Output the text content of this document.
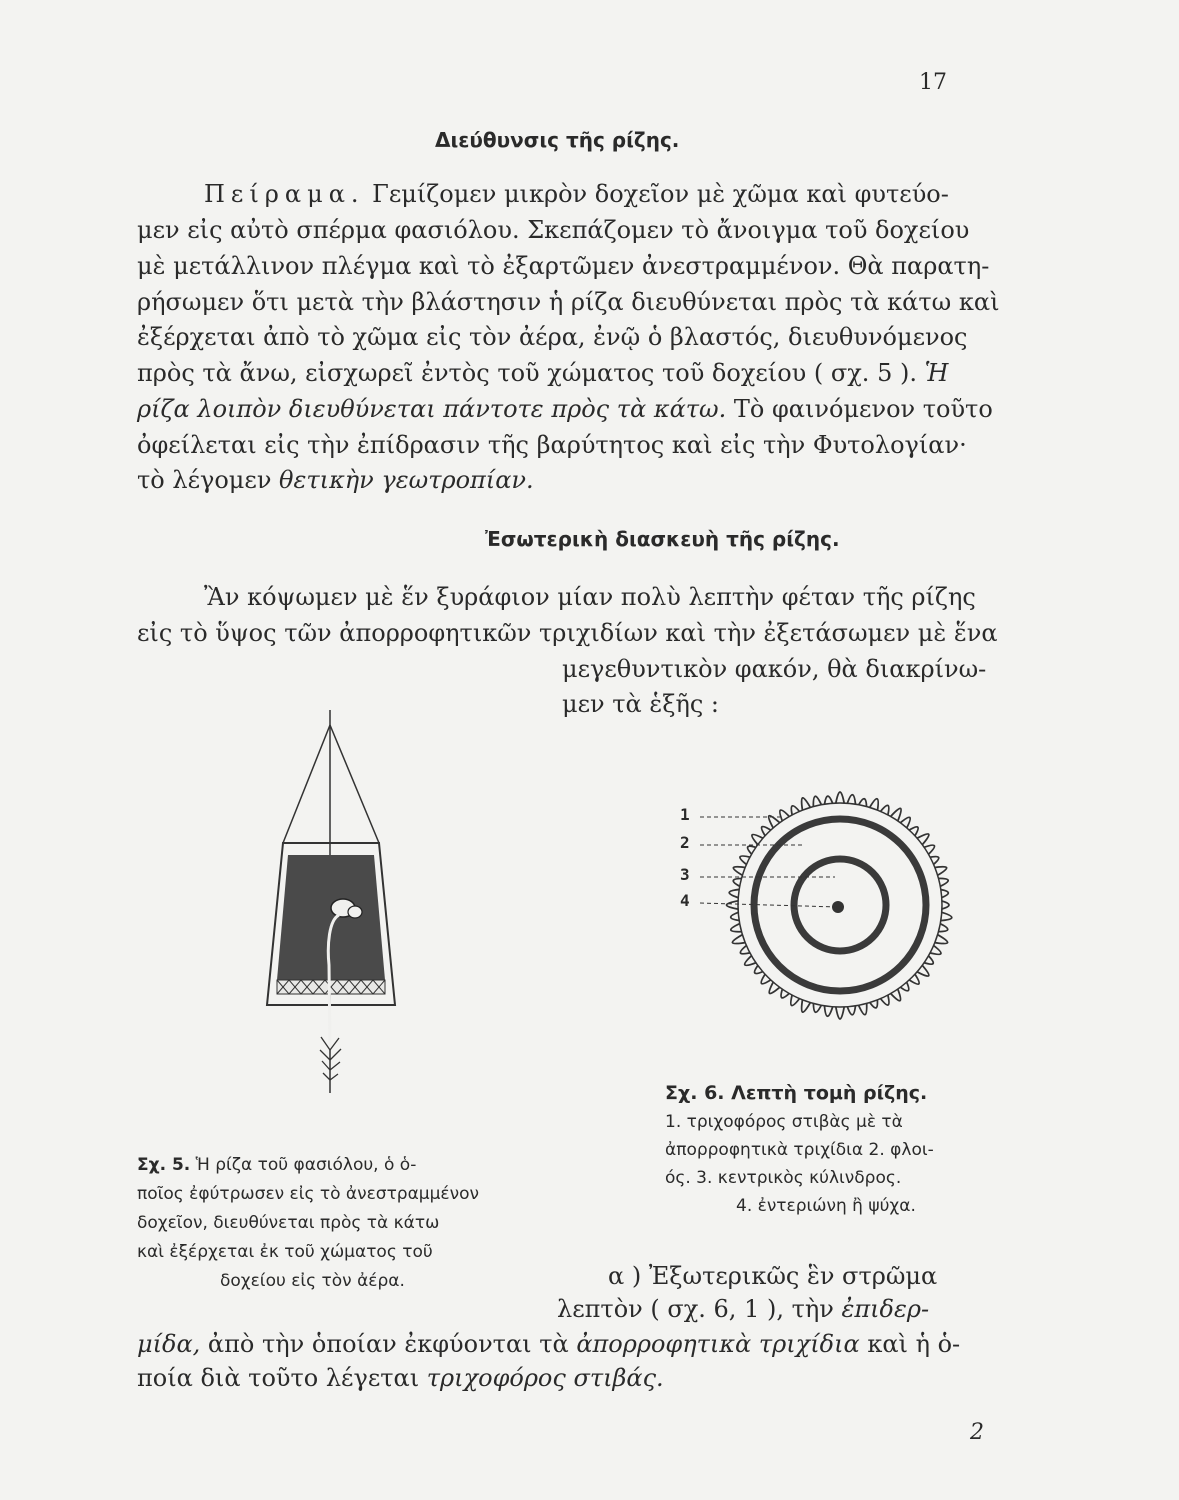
17
Διεύθυνσις τῆς ρίζης.
Πείραμα. Γεμίζομεν μικρὸν δοχεῖον μὲ χῶμα καὶ φυτεύο-
μεν εἰς αὐτὸ σπέρμα φασιόλου. Σκεπάζομεν τὸ ἄνοιγμα τοῦ δοχείου
μὲ μετάλλινον πλέγμα καὶ τὸ ἐξαρτῶμεν ἀνεστραμμένον. Θὰ παρατη-
ρήσωμεν ὅτι μετὰ τὴν βλάστησιν ἡ ρίζα διευθύνεται πρὸς τὰ κάτω καὶ
ἐξέρχεται ἀπὸ τὸ χῶμα εἰς τὸν ἀέρα, ἐνῷ ὁ βλαστός, διευθυνόμενος
πρὸς τὰ ἄνω, εἰσχωρεῖ ἐντὸς τοῦ χώματος τοῦ δοχείου ( σχ. 5 ). Ἡ
ρίζα λοιπὸν διευθύνεται πάντοτε πρὸς τὰ κάτω. Τὸ φαινόμενον τοῦτο
ὀφείλεται εἰς τὴν ἐπίδρασιν τῆς βαρύτητος καὶ εἰς τὴν Φυτολογίαν·
τὸ λέγομεν θετικὴν γεωτροπίαν.
Ἐσωτερικὴ διασκευὴ τῆς ρίζης.
Ἂν κόψωμεν μὲ ἕν ξυράφιον μίαν πολὺ λεπτὴν φέταν τῆς ρίζης
εἰς τὸ ὕψος τῶν ἀπορροφητικῶν τριχιδίων καὶ τὴν ἐξετάσωμεν μὲ ἕνα
μεγεθυντικὸν φακόν, θὰ διακρίνω-
μεν τὰ ἑξῆς :
1
2
3
4
Σχ. 6. Λεπτὴ τομὴ ρίζης.
1. τριχοφόρος στιβὰς μὲ τὰ
ἀπορροφητικὰ τριχίδια 2. φλοι-
ός. 3. κεντρικὸς κύλινδρος.
4. ἐντεριώνη ἢ ψύχα.
Σχ. 5. Ἡ ρίζα τοῦ φασιόλου, ὁ ὁ-
ποῖος ἐφύτρωσεν εἰς τὸ ἀνεστραμμένον
δοχεῖον, διευθύνεται πρὸς τὰ κάτω
καὶ ἐξέρχεται ἐκ τοῦ χώματος τοῦ
δοχείου εἰς τὸν ἀέρα.	α ) Ἐξωτερικῶς ἓν στρῶμα
λεπτὸν ( σχ. 6, 1 ), τὴν ἐπιδερ-
μίδα, ἀπὸ τὴν ὁποίαν ἐκφύονται τὰ ἀπορροφητικὰ τριχίδια καὶ ἡ ὁ-
ποία διὰ τοῦτο λέγεται τριχοφόρος στιβάς.
2
